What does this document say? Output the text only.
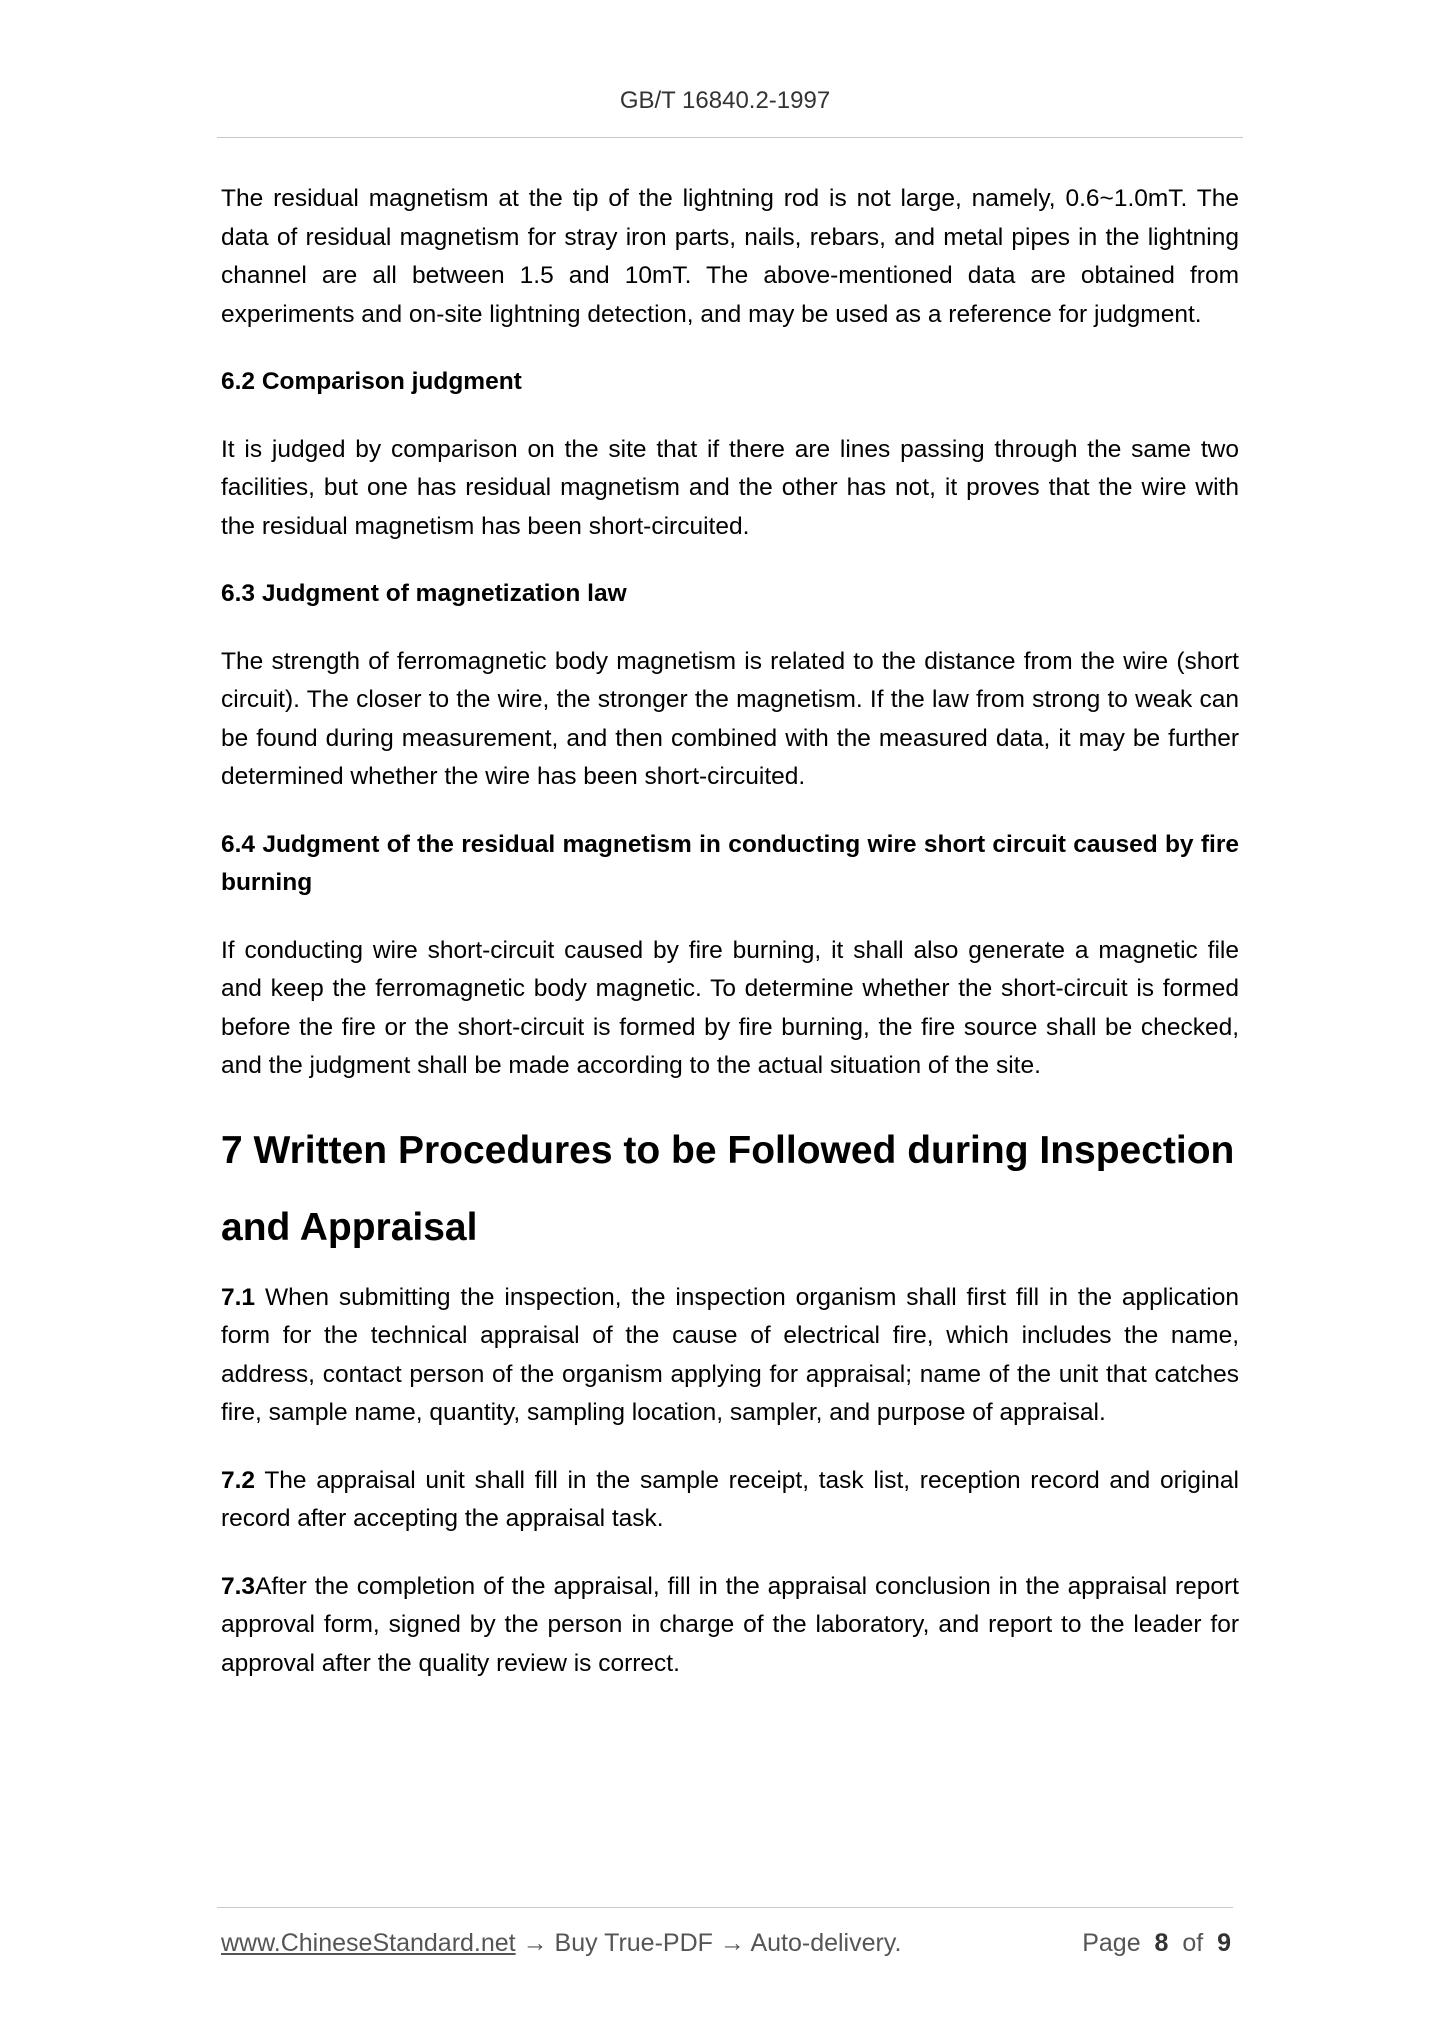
GB/T 16840.2-1997

The residual magnetism at the tip of the lightning rod is not large, namely, 0.6~1.0mT. The data of residual magnetism for stray iron parts, nails, rebars, and metal pipes in the lightning channel are all between 1.5 and 10mT. The above-mentioned data are obtained from experiments and on-site lightning detection, and may be used as a reference for judgment.

6.2 Comparison judgment

It is judged by comparison on the site that if there are lines passing through the same two facilities, but one has residual magnetism and the other has not, it proves that the wire with the residual magnetism has been short-circuited.

6.3 Judgment of magnetization law

The strength of ferromagnetic body magnetism is related to the distance from the wire (short circuit). The closer to the wire, the stronger the magnetism. If the law from strong to weak can be found during measurement, and then combined with the measured data, it may be further determined whether the wire has been short-circuited.

6.4 Judgment of the residual magnetism in conducting wire short circuit caused by fire burning

If conducting wire short-circuit caused by fire burning, it shall also generate a magnetic file and keep the ferromagnetic body magnetic. To determine whether the short-circuit is formed before the fire or the short-circuit is formed by fire burning, the fire source shall be checked, and the judgment shall be made according to the actual situation of the site.

7 Written Procedures to be Followed during Inspection and Appraisal

7.1 When submitting the inspection, the inspection organism shall first fill in the application form for the technical appraisal of the cause of electrical fire, which includes the name, address, contact person of the organism applying for appraisal; name of the unit that catches fire, sample name, quantity, sampling location, sampler, and purpose of appraisal.

7.2 The appraisal unit shall fill in the sample receipt, task list, reception record and original record after accepting the appraisal task.

7.3After the completion of the appraisal, fill in the appraisal conclusion in the appraisal report approval form, signed by the person in charge of the laboratory, and report to the leader for approval after the quality review is correct.

www.ChineseStandard.net → Buy True-PDF → Auto-delivery.	Page 8 of 9
